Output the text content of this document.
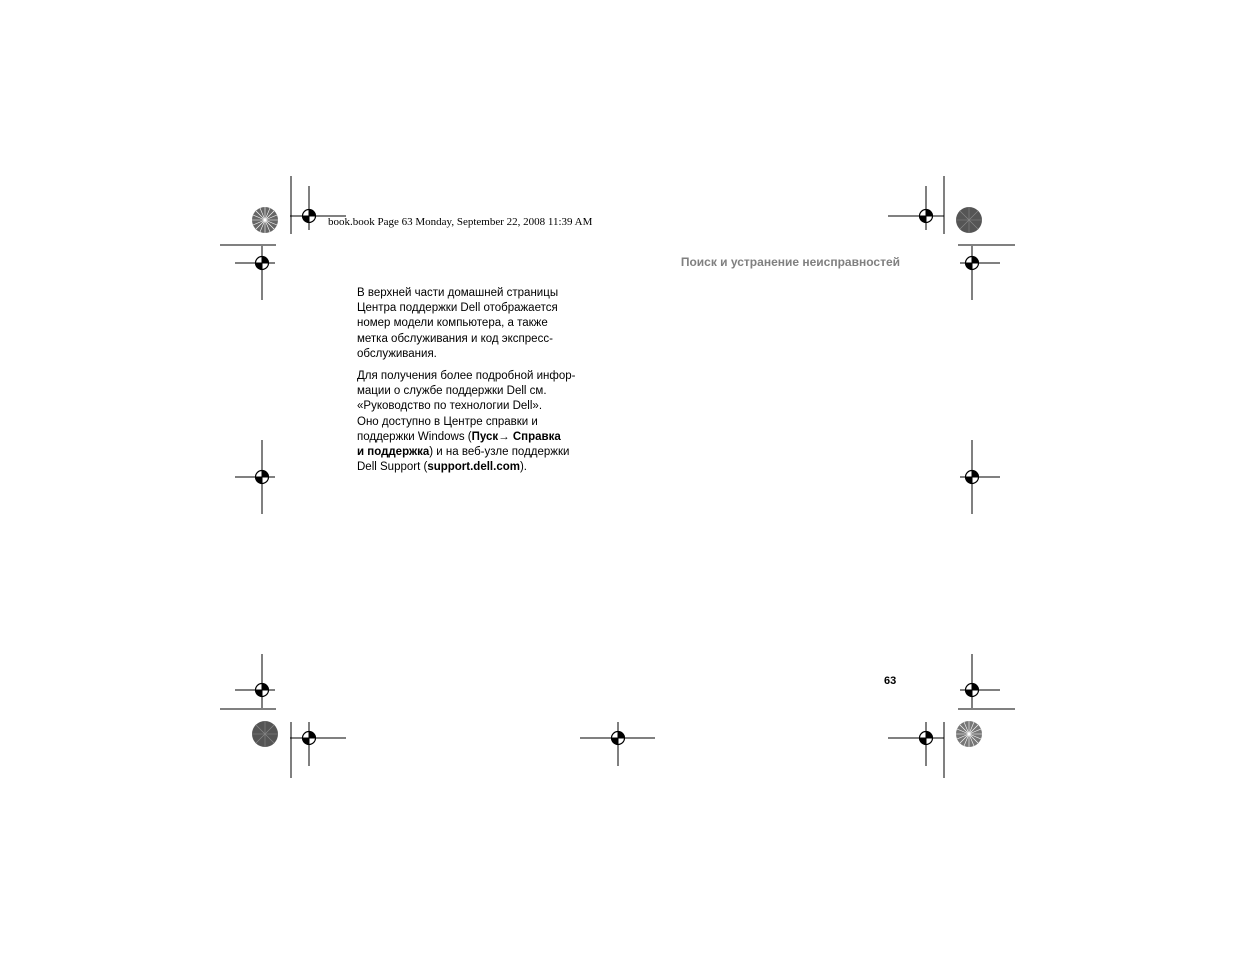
book.book Page 63 Monday, September 22, 2008 11:39 AM
Поиск и устранение неисправностей

В верхней части домашней страницы
Центра поддержки Dell отображается
номер модели компьютера, а также
метка обслуживания и код экспресс-
обслуживания.

Для получения более подробной инфор-
мации о службе поддержки Dell см.
«Руководство по технологии Dell».
Оно доступно в Центре справки и
поддержки Windows (Пуск→ Справка
и поддержка) и на веб-узле поддержки
Dell Support (support.dell.com).

63
